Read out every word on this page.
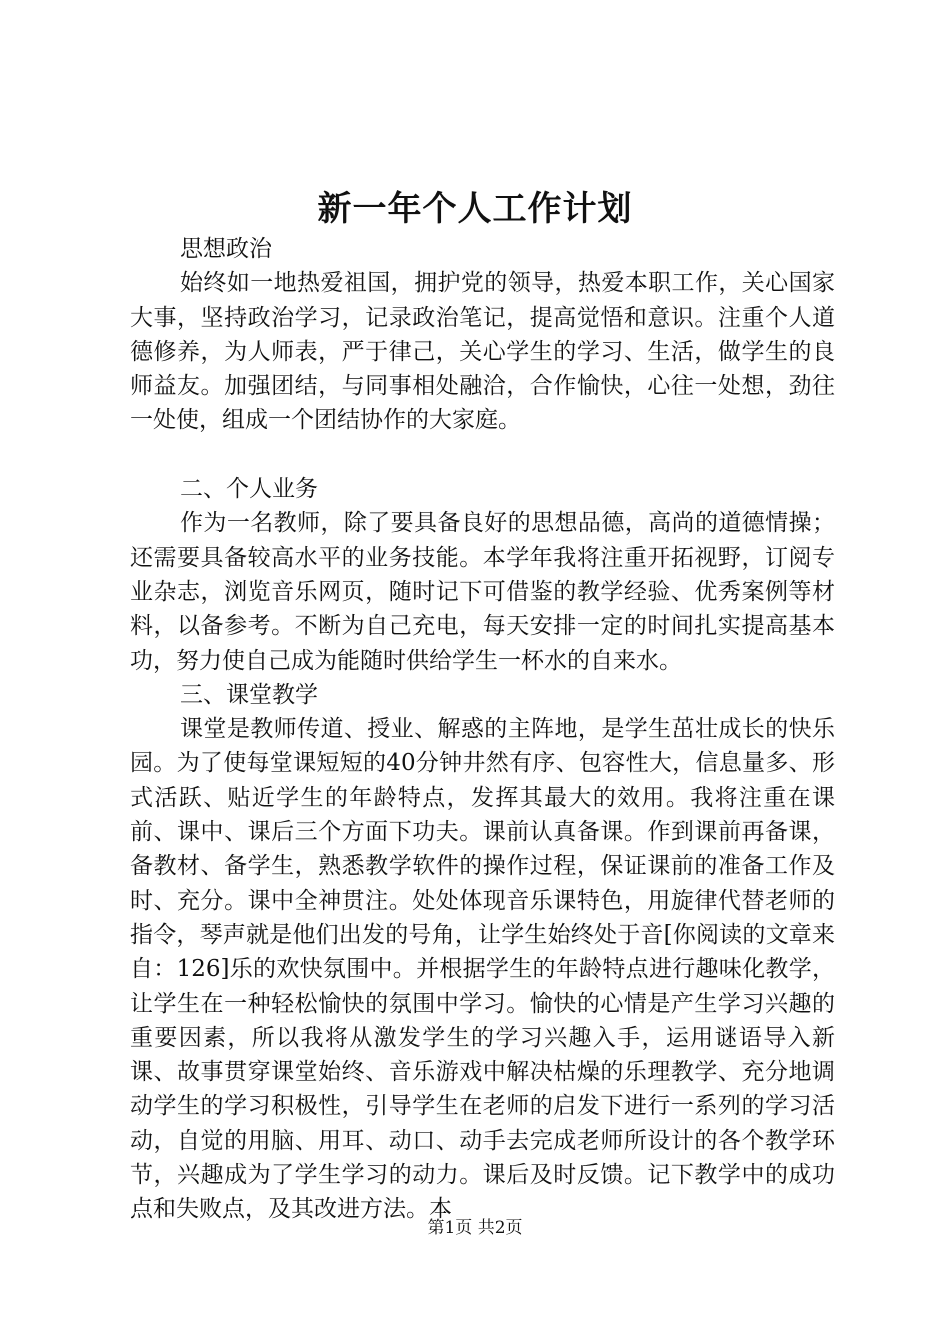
新一年个人工作计划

思想政治

始终如一地热爱祖国，拥护党的领导，热爱本职工作，关心国家大事，坚持政治学习，记录政治笔记，提高觉悟和意识。注重个人道德修养，为人师表，严于律己，关心学生的学习、生活，做学生的良师益友。加强团结，与同事相处融洽，合作愉快，心往一处想，劲往一处使，组成一个团结协作的大家庭。

二、个人业务

作为一名教师，除了要具备良好的思想品德，高尚的道德情操；还需要具备较高水平的业务技能。本学年我将注重开拓视野，订阅专业杂志，浏览音乐网页，随时记下可借鉴的教学经验、优秀案例等材料，以备参考。不断为自己充电，每天安排一定的时间扎实提高基本功，努力使自己成为能随时供给学生一杯水的自来水。

三、课堂教学

课堂是教师传道、授业、解惑的主阵地，是学生茁壮成长的快乐园。为了使每堂课短短的40分钟井然有序、包容性大，信息量多、形式活跃、贴近学生的年龄特点，发挥其最大的效用。我将注重在课前、课中、课后三个方面下功夫。课前认真备课。作到课前再备课，备教材、备学生，熟悉教学软件的操作过程，保证课前的准备工作及时、充分。课中全神贯注。处处体现音乐课特色，用旋律代替老师的指令，琴声就是他们出发的号角，让学生始终处于音[你阅读的文章来自：126]乐的欢快氛围中。并根据学生的年龄特点进行趣味化教学，让学生在一种轻松愉快的氛围中学习。愉快的心情是产生学习兴趣的重要因素，所以我将从激发学生的学习兴趣入手，运用谜语导入新课、故事贯穿课堂始终、音乐游戏中解决枯燥的乐理教学、充分地调动学生的学习积极性，引导学生在老师的启发下进行一系列的学习活动，自觉的用脑、用耳、动口、动手去完成老师所设计的各个教学环节，兴趣成为了学生学习的动力。课后及时反馈。记下教学中的成功点和失败点，及其改进方法。本

第1页 共2页
